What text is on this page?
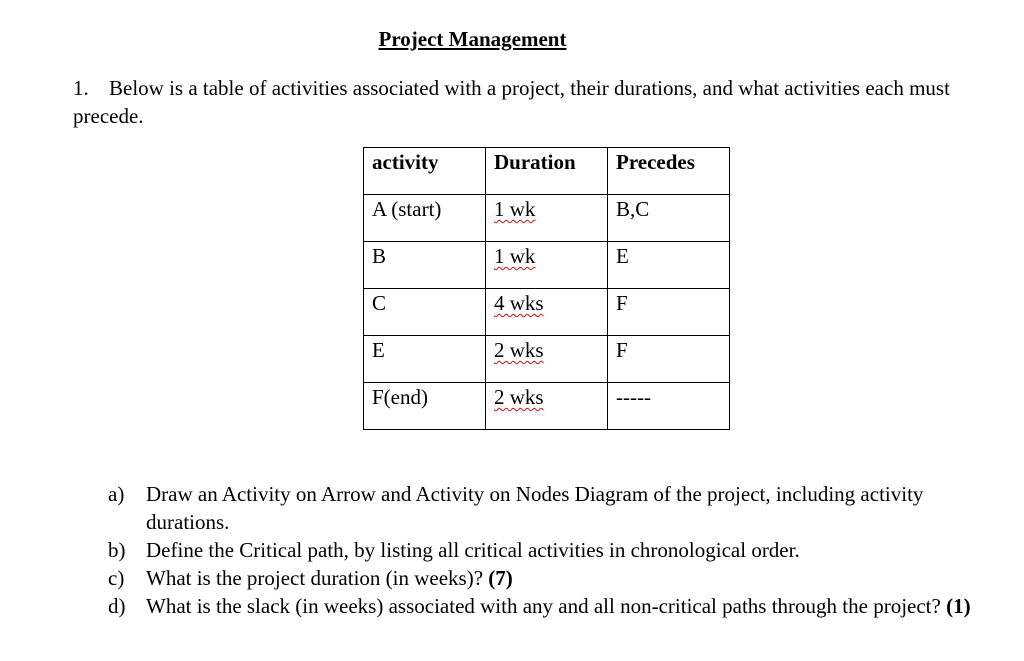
Project Management
1. Below is a table of activities associated with a project, their durations, and what activities each must precede.
activity	Duration	Precedes
A (start)	1 wk	B,C
B	1 wk	E
C	4 wks	F
E	2 wks	F
F(end)	2 wks	-----
a) Draw an Activity on Arrow and Activity on Nodes Diagram of the project, including activity durations.
b) Define the Critical path, by listing all critical activities in chronological order.
c) What is the project duration (in weeks)? (7)
d) What is the slack (in weeks) associated with any and all non-critical paths through the project? (1)
